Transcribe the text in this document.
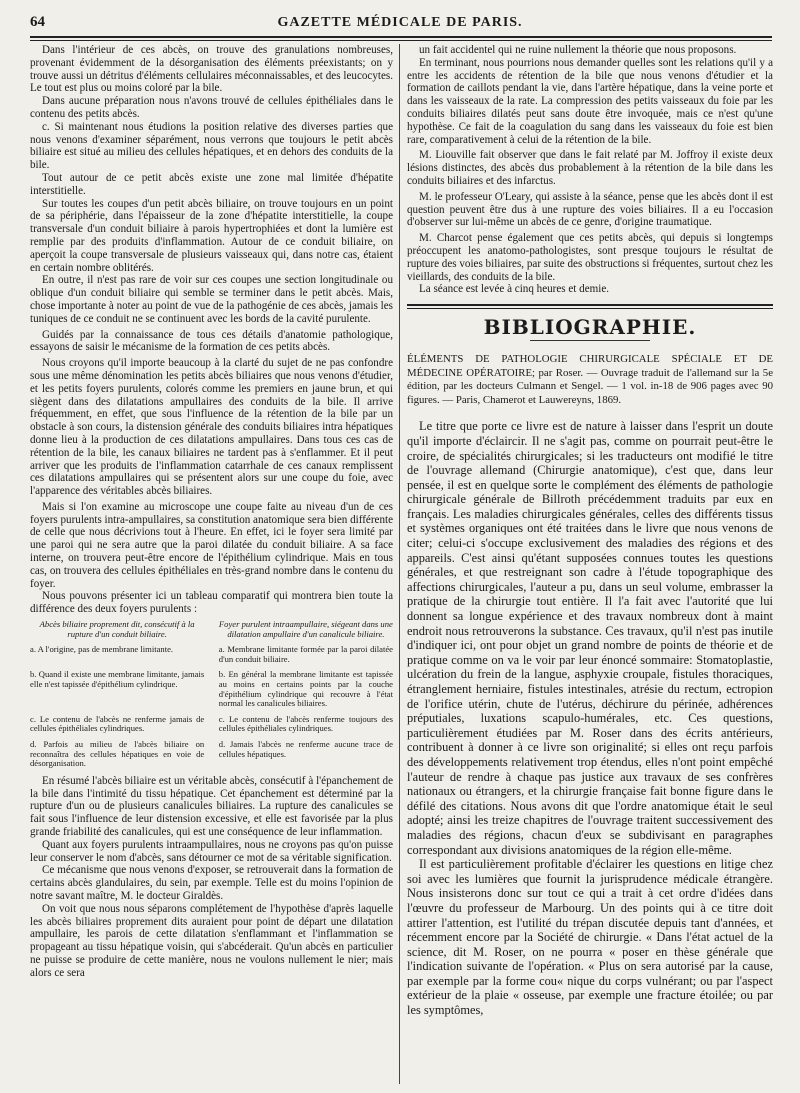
64	GAZETTE MÉDICALE DE PARIS.

Dans l'intérieur de ces abcès, on trouve des granulations nombreuses, provenant évidemment de la désorganisation des éléments préexistants; on y trouve aussi un détritus d'éléments cellulaires méconnaissables, et des leucocytes. Le tout est plus ou moins coloré par la bile.

Dans aucune préparation nous n'avons trouvé de cellules épithéliales dans le contenu des petits abcès.

c. Si maintenant nous étudions la position relative des diverses parties que nous venons d'examiner séparément, nous verrons que toujours le petit abcès biliaire est situé au milieu des cellules hépatiques, et en dehors des conduits de la bile.

Tout autour de ce petit abcès existe une zone mal limitée d'hépatite interstitielle.

Sur toutes les coupes d'un petit abcès biliaire, on trouve toujours en un point de sa périphérie, dans l'épaisseur de la zone d'hépatite interstitielle, la coupe transversale d'un conduit biliaire à parois hypertrophiées et dont la lumière est remplie par des produits d'inflammation. Autour de ce conduit biliaire, on aperçoit la coupe transversale de plusieurs vaisseaux qui, dans notre cas, étaient en certain nombre oblitérés.

En outre, il n'est pas rare de voir sur ces coupes une section longitudinale ou oblique d'un conduit biliaire qui semble se terminer dans le petit abcès. Mais, chose importante à noter au point de vue de la pathogénie de ces abcès, jamais les tuniques de ce conduit ne se continuent avec les bords de la cavité purulente.

Guidés par la connaissance de tous ces détails d'anatomie pathologique, essayons de saisir le mécanisme de la formation de ces petits abcès.

Nous croyons qu'il importe beaucoup à la clarté du sujet de ne pas confondre sous une même dénomination les petits abcès biliaires que nous venons d'étudier, et les petits foyers purulents, colorés comme les premiers en jaune brun, et qui siègent dans des dilatations ampullaires des conduits de la bile. Il arrive fréquemment, en effet, que sous l'influence de la rétention de la bile par un obstacle à son cours, la distension générale des conduits biliaires intra hépatiques donne lieu à la production de ces dilatations ampullaires. Dans tous ces cas de rétention de la bile, les canaux biliaires ne tardent pas à s'enflammer. Et il peut arriver que les produits de l'inflammation catarrhale de ces canaux remplissent ces dilatations ampullaires qui se présentent alors sur une coupe du foie, avec l'apparence des véritables abcès biliaires.

Mais si l'on examine au microscope une coupe faite au niveau d'un de ces foyers purulents intra-ampullaires, sa constitution anatomique sera bien différente de celle que nous décrivions tout à l'heure. En effet, ici le foyer sera limité par une paroi qui ne sera autre que la paroi dilatée du conduit biliaire. A sa face interne, on trouvera peut-être encore de l'épithélium cylindrique. Mais en tous cas, on trouvera des cellules épithéliales en très-grand nombre dans le contenu du foyer.

Nous pouvons présenter ici un tableau comparatif qui montrera bien toute la différence des deux foyers purulents :

Abcès biliaire proprement dit, consécutif à la rupture d'un conduit biliaire.
Foyer purulent intraampullaire, siégeant dans une dilatation ampullaire d'un canalicule biliaire.
a. A l'origine, pas de membrane limitante.	a. Membrane limitante formée par la paroi dilatée d'un conduit biliaire.
b. Quand il existe une membrane limitante, jamais elle n'est tapissée d'épithélium cylindrique.
b. En général la membrane limitante est tapissée au moins en certains points par la couche d'épithélium cylindrique qui recouvre à l'état normal les canalicules biliaires.
c. Le contenu de l'abcès ne renferme jamais de cellules épithéliales cylindriques.
c. Le contenu de l'abcès renferme toujours des cellules épithéliales cylindriques.
d. Parfois au milieu de l'abcès biliaire on reconnaîtra des cellules hépatiques en voie de désorganisation.
d. Jamais l'abcès ne renferme aucune trace de cellules hépatiques.

En résumé l'abcès biliaire est un véritable abcès, consécutif à l'épanchement de la bile dans l'intimité du tissu hépatique. Cet épanchement est déterminé par la rupture d'un ou de plusieurs canalicules biliaires. La rupture des canalicules se fait sous l'influence de leur distension excessive, et elle est favorisée par la plus grande friabilité des canalicules, qui est une conséquence de leur inflammation.

Quant aux foyers purulents intraampullaires, nous ne croyons pas qu'on puisse leur conserver le nom d'abcès, sans détourner ce mot de sa véritable signification.

Ce mécanisme que nous venons d'exposer, se retrouverait dans la formation de certains abcès glandulaires, du sein, par exemple. Telle est du moins l'opinion de notre savant maître, M. le docteur Giraldès.

On voit que nous nous séparons complétement de l'hypothèse d'après laquelle les abcès biliaires proprement dits auraient pour point de départ une dilatation ampullaire, les parois de cette dilatation s'enflammant et l'inflammation se propageant au tissu hépatique voisin, qui s'abcéderait. Qu'un abcès en particulier ne puisse se produire de cette manière, nous ne voulons nullement le nier; mais alors ce sera

un fait accidentel qui ne ruine nullement la théorie que nous proposons.

En terminant, nous pourrions nous demander quelles sont les relations qu'il y a entre les accidents de rétention de la bile que nous venons d'étudier et la formation de caillots pendant la vie, dans l'artère hépatique, dans la veine porte et dans les vaisseaux de la rate. La compression des petits vaisseaux du foie par les conduits biliaires dilatés peut sans doute être invoquée, mais ce n'est qu'une hypothèse. Ce fait de la coagulation du sang dans les vaisseaux du foie est bien rare, comparativement à celui de la rétention de la bile.

M. Liouville fait observer que dans le fait relaté par M. Joffroy il existe deux lésions distinctes, des abcès dus probablement à la rétention de la bile dans les conduits biliaires et des infarctus.

M. le professeur O'Leary, qui assiste à la séance, pense que les abcès dont il est question peuvent être dus à une rupture des voies biliaires. Il a eu l'occasion d'observer sur lui-même un abcès de ce genre, d'origine traumatique.

M. Charcot pense également que ces petits abcès, qui depuis si longtemps préoccupent les anatomo-pathologistes, sont presque toujours le résultat de rupture des voies biliaires, par suite des obstructions si fréquentes, surtout chez les vieillards, des conduits de la bile.

La séance est levée à cinq heures et demie.

BIBLIOGRAPHIE.
ÉLÉMENTS DE PATHOLOGIE CHIRURGICALE SPÉCIALE ET DE MÉDECINE OPÉRATOIRE; par Roser. — Ouvrage traduit de l'allemand sur la 5e édition, par les docteurs Culmann et Sengel. — 1 vol. in-18 de 906 pages avec 90 figures. — Paris, Chamerot et Lauwereyns, 1869.

Le titre que porte ce livre est de nature à laisser dans l'esprit un doute qu'il importe d'éclaircir. Il ne s'agit pas, comme on pourrait peut-être le croire, de spécialités chirurgicales; si les traducteurs ont modifié le titre de l'ouvrage allemand (Chirurgie anatomique), c'est que, dans leur pensée, il est en quelque sorte le complément des éléments de pathologie chirurgicale générale de Billroth précédemment traduits par eux en français. Les maladies chirurgicales générales, celles des différents tissus et systèmes organiques ont été traitées dans le livre que nous venons de citer; celui-ci s'occupe exclusivement des maladies des régions et des appareils. C'est ainsi qu'étant supposées connues toutes les questions générales, et que restreignant son cadre à l'étude topographique des affections chirurgicales, l'auteur a pu, dans un seul volume, embrasser la pratique de la chirurgie tout entière. Il l'a fait avec l'autorité que lui donnent sa longue expérience et des travaux nombreux dont à maint endroit nous retrouverons la substance. Ces travaux, qu'il n'est pas inutile d'indiquer ici, ont pour objet un grand nombre de points de théorie et de pratique comme on va le voir par leur énoncé sommaire: Stomatoplastie, ulcération du frein de la langue, asphyxie croupale, fistules thoraciques, étranglement herniaire, fistules intestinales, atrésie du rectum, ectropion de l'orifice utérin, chute de l'utérus, déchirure du périnée, adhérences préputiales, luxations scapulo-humérales, etc. Ces questions, particulièrement étudiées par M. Roser dans des écrits antérieurs, contribuent à donner à ce livre son originalité; si elles ont reçu parfois des développements relativement trop étendus, elles n'ont point empêché l'auteur de rendre à chaque pas justice aux travaux de ses confrères nationaux ou étrangers, et la chirurgie française fait bonne figure dans le défilé des citations. Nous avons dit que l'ordre anatomique était le seul adopté; ainsi les treize chapitres de l'ouvrage traitent successivement des maladies des régions, chacun d'eux se subdivisant en paragraphes correspondant aux divisions anatomiques de la région elle-même.

Il est particulièrement profitable d'éclairer les questions en litige chez soi avec les lumières que fournit la jurisprudence médicale étrangère. Nous insisterons donc sur tout ce qui a trait à cet ordre d'idées dans l'œuvre du professeur de Marbourg. Un des points qui à ce titre doit attirer l'attention, est l'utilité du trépan discutée depuis tant d'années, et récemment encore par la Société de chirurgie. « Dans l'état actuel de la science, dit M. Roser, on ne pourra « poser en thèse générale que l'indication suivante de l'opération. « Plus on sera autorisé par la cause, par exemple par la forme cou« nique du corps vulnérant; ou par l'aspect extérieur de la plaie « osseuse, par exemple une fracture étoilée; ou par les symptômes,
